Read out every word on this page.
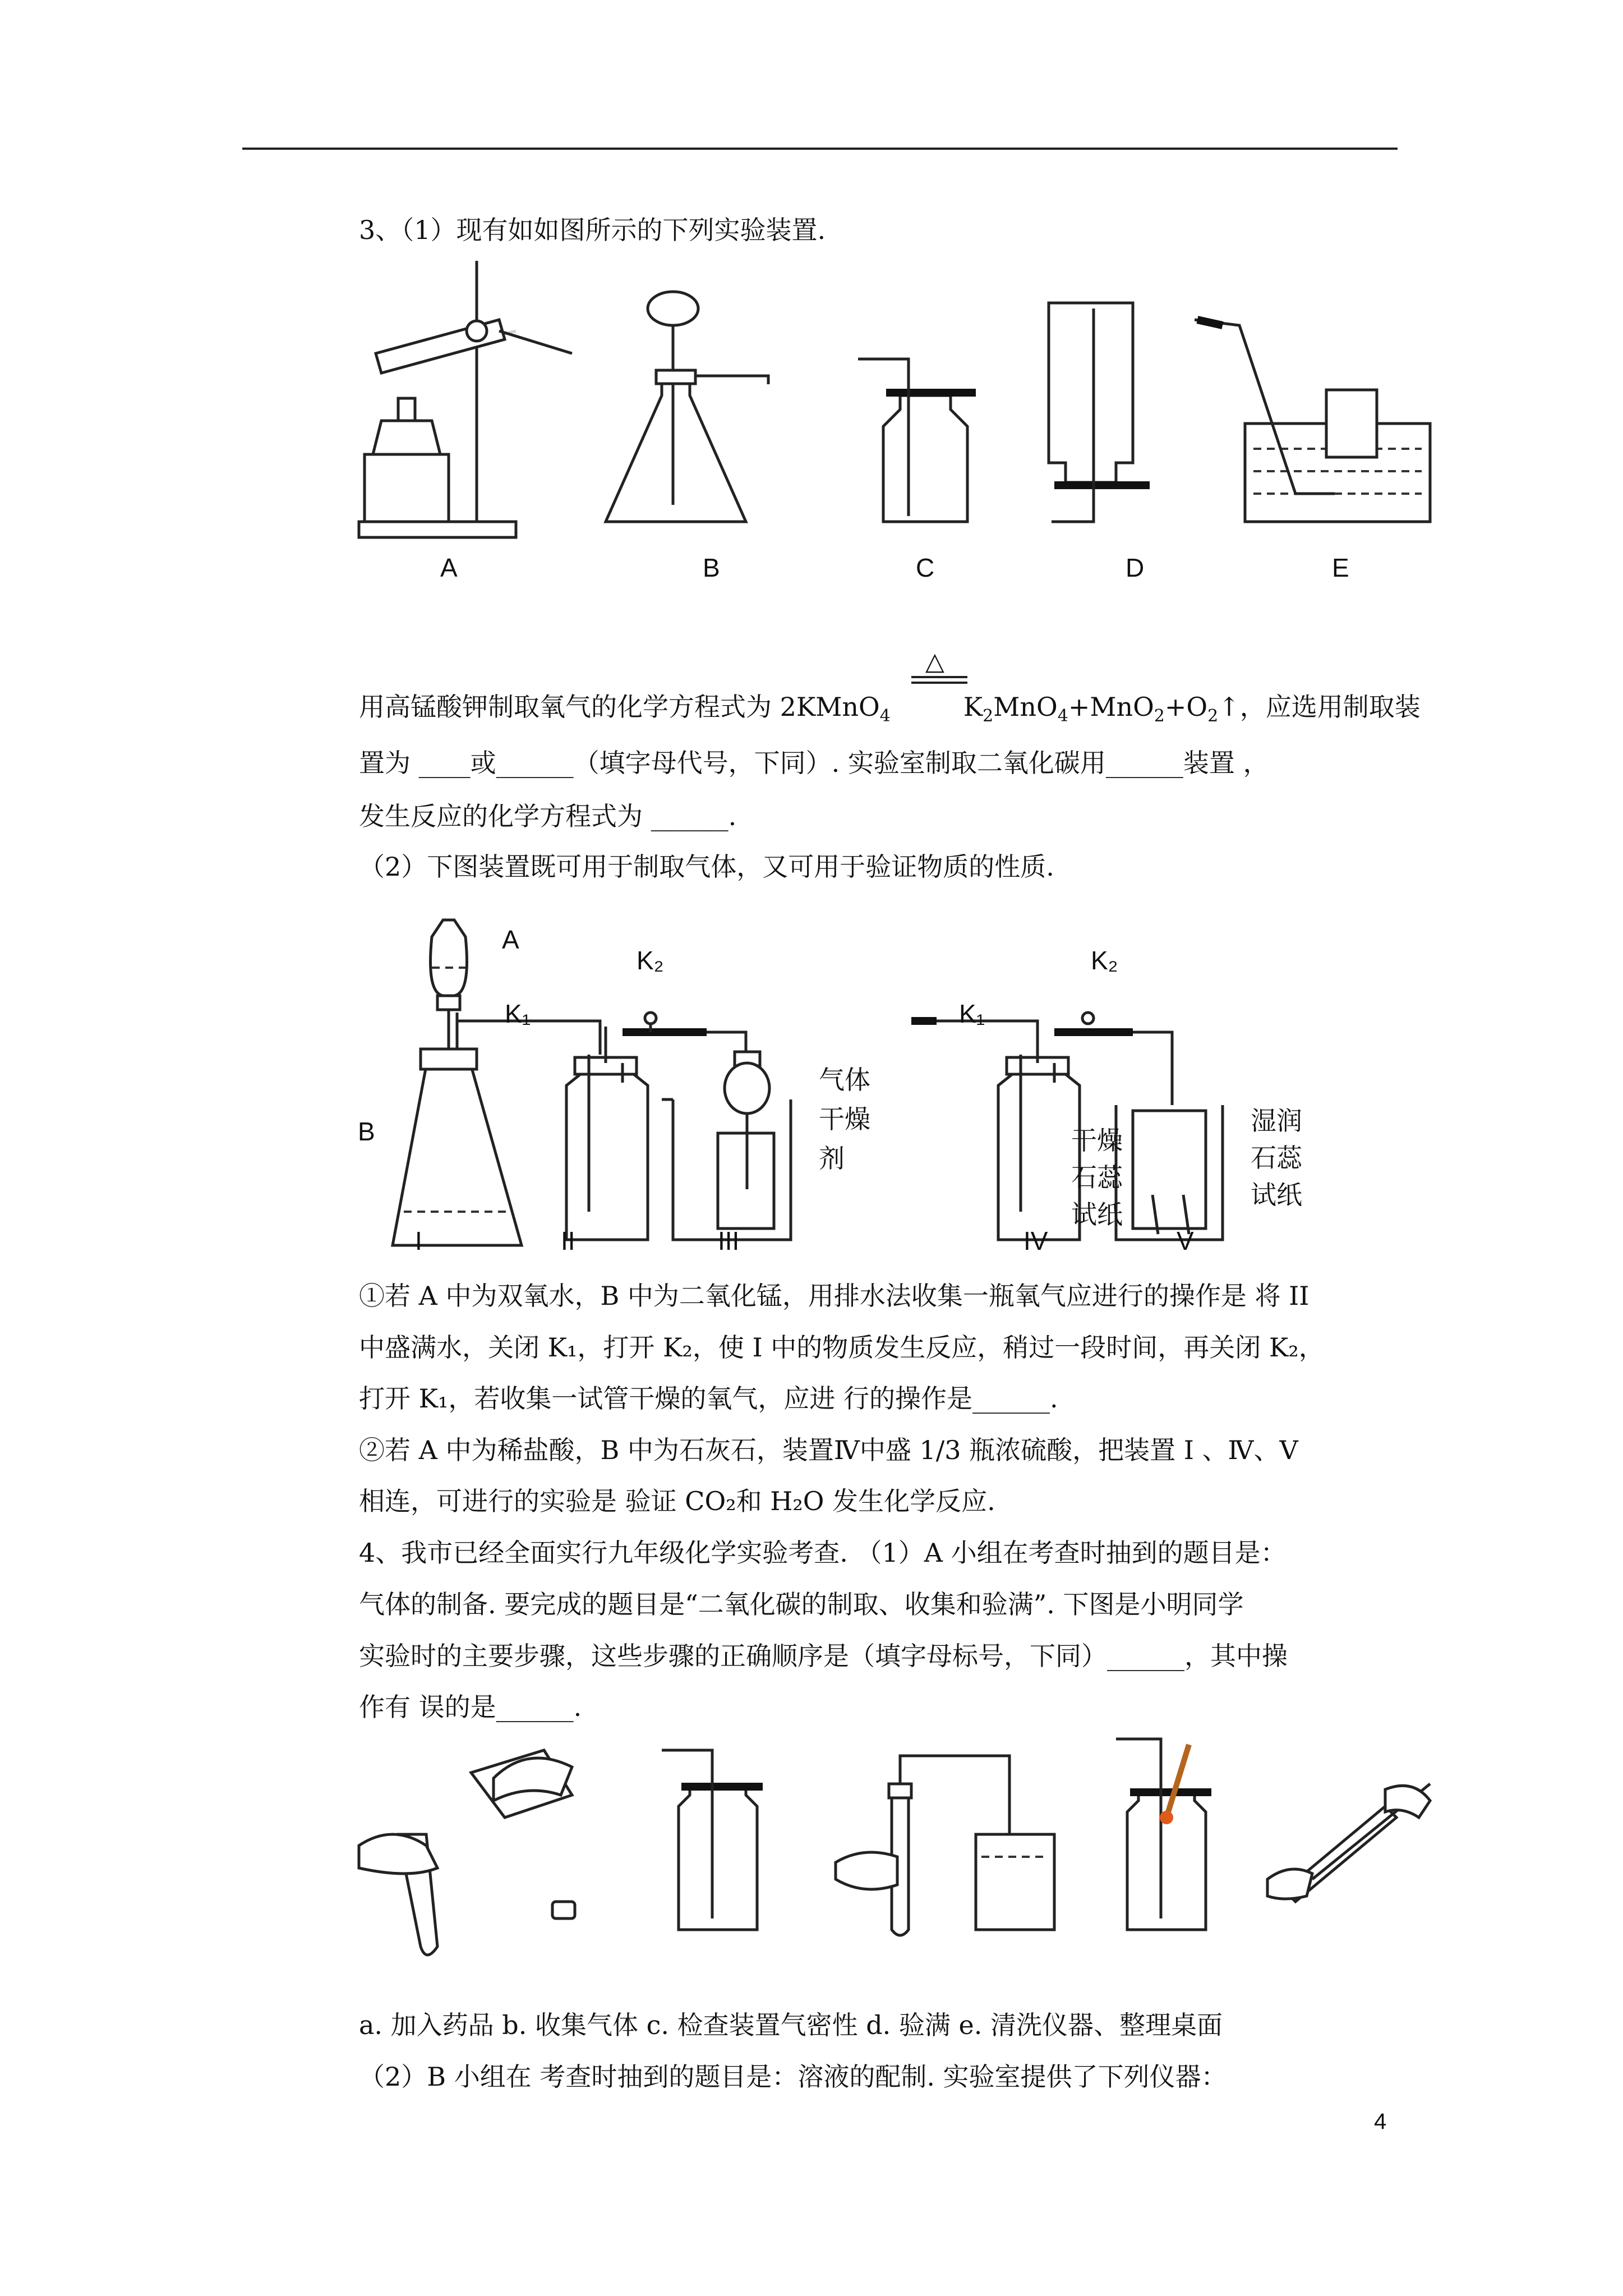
3、（1）现有如如图所示的下列实验装置.
A	B	C	D	E
△
用高锰酸钾制取氧气的化学方程式为 2KMnO$_4$	$K_2MnO_4+MnO_2+O_2↑$，应选用制取装
置为 ____或______（填字母代号，下同）. 实验室制取二氧化碳用______装置 ，
发生反应的化学方程式为 ______.
（2）下图装置既可用于制取气体，又可用于验证物质的性质.
A
B
K₂
K₁
气体
干燥
剂
I	II	III
K₂
K₁
干燥
石蕊
试纸
湿润
石蕊
试纸
IV	V
①若 A 中为双氧水，B 中为二氧化锰，用排水法收集一瓶氧气应进行的操作是 将 II
中盛满水，关闭 K₁，打开 K₂，使 I 中的物质发生反应，稍过一段时间，再关闭 K₂，
打开 K₁，若收集一试管干燥的氧气，应进 行的操作是______.
②若 A 中为稀盐酸，B 中为石灰石，装置Ⅳ中盛 1/3 瓶浓硫酸，把装置 I 、Ⅳ、V
相连，可进行的实验是 验证 CO₂和 H₂O 发生化学反应.
4、我市已经全面实行九年级化学实验考查. （1）A 小组在考查时抽到的题目是：
气体的制备. 要完成的题目是“二氧化碳的制取、收集和验满”. 下图是小明同学
实验时的主要步骤，这些步骤的正确顺序是（填字母标号，下同）______，其中操
作有 误的是______.
a. 加入药品 b. 收集气体 c. 检查装置气密性 d. 验满 e. 清洗仪器、整理桌面
（2）B 小组在 考查时抽到的题目是：溶液的配制. 实验室提供了下列仪器：
4
